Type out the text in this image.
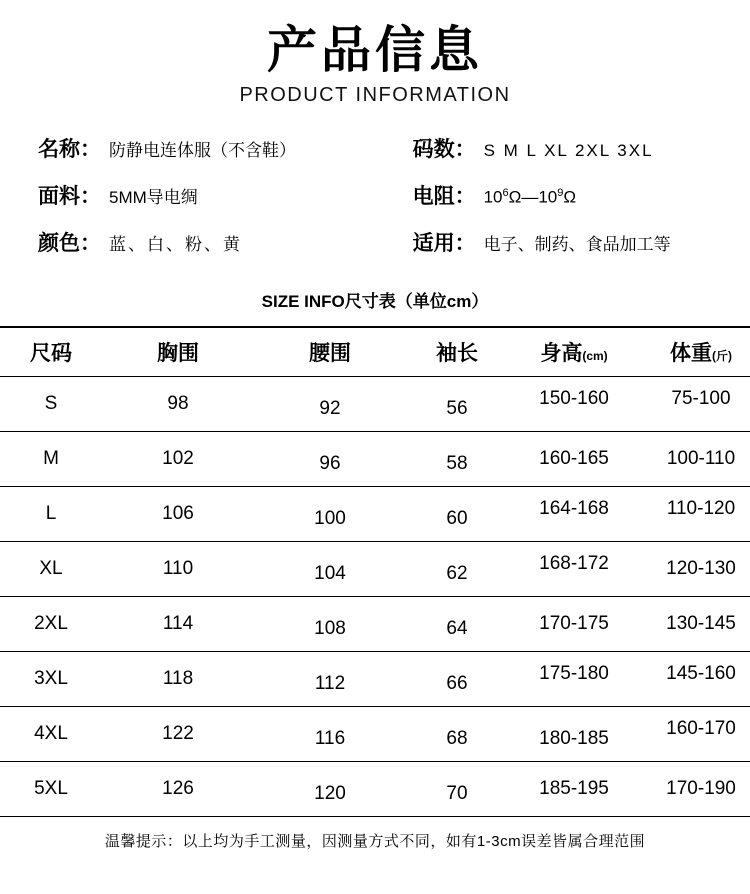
产品信息
PRODUCT INFORMATION
名称： 防静电连体服（不含鞋）
面料： 5MM导电绸
颜色： 蓝、白、粉、黄
码数： S M L XL 2XL 3XL
电阻： $10^6\Omega—10^9\Omega$
适用： 电子、制药、食品加工等
SIZE INFO尺寸表（单位cm）
尺码	胸围	腰围	袖长	身高(cm)	体重(斤)
S	98	92	56	150-160	75-100
M	102	96	58	160-165	100-110
L	106	100	60	164-168	110-120
XL	110	104	62	168-172	120-130
2XL	114	108	64	170-175	130-145
3XL	118	112	66	175-180	145-160
4XL	122	116	68	180-185	160-170
5XL	126	120	70	185-195	170-190
温馨提示：以上均为手工测量，因测量方式不同，如有1-3cm误差皆属合理范围
